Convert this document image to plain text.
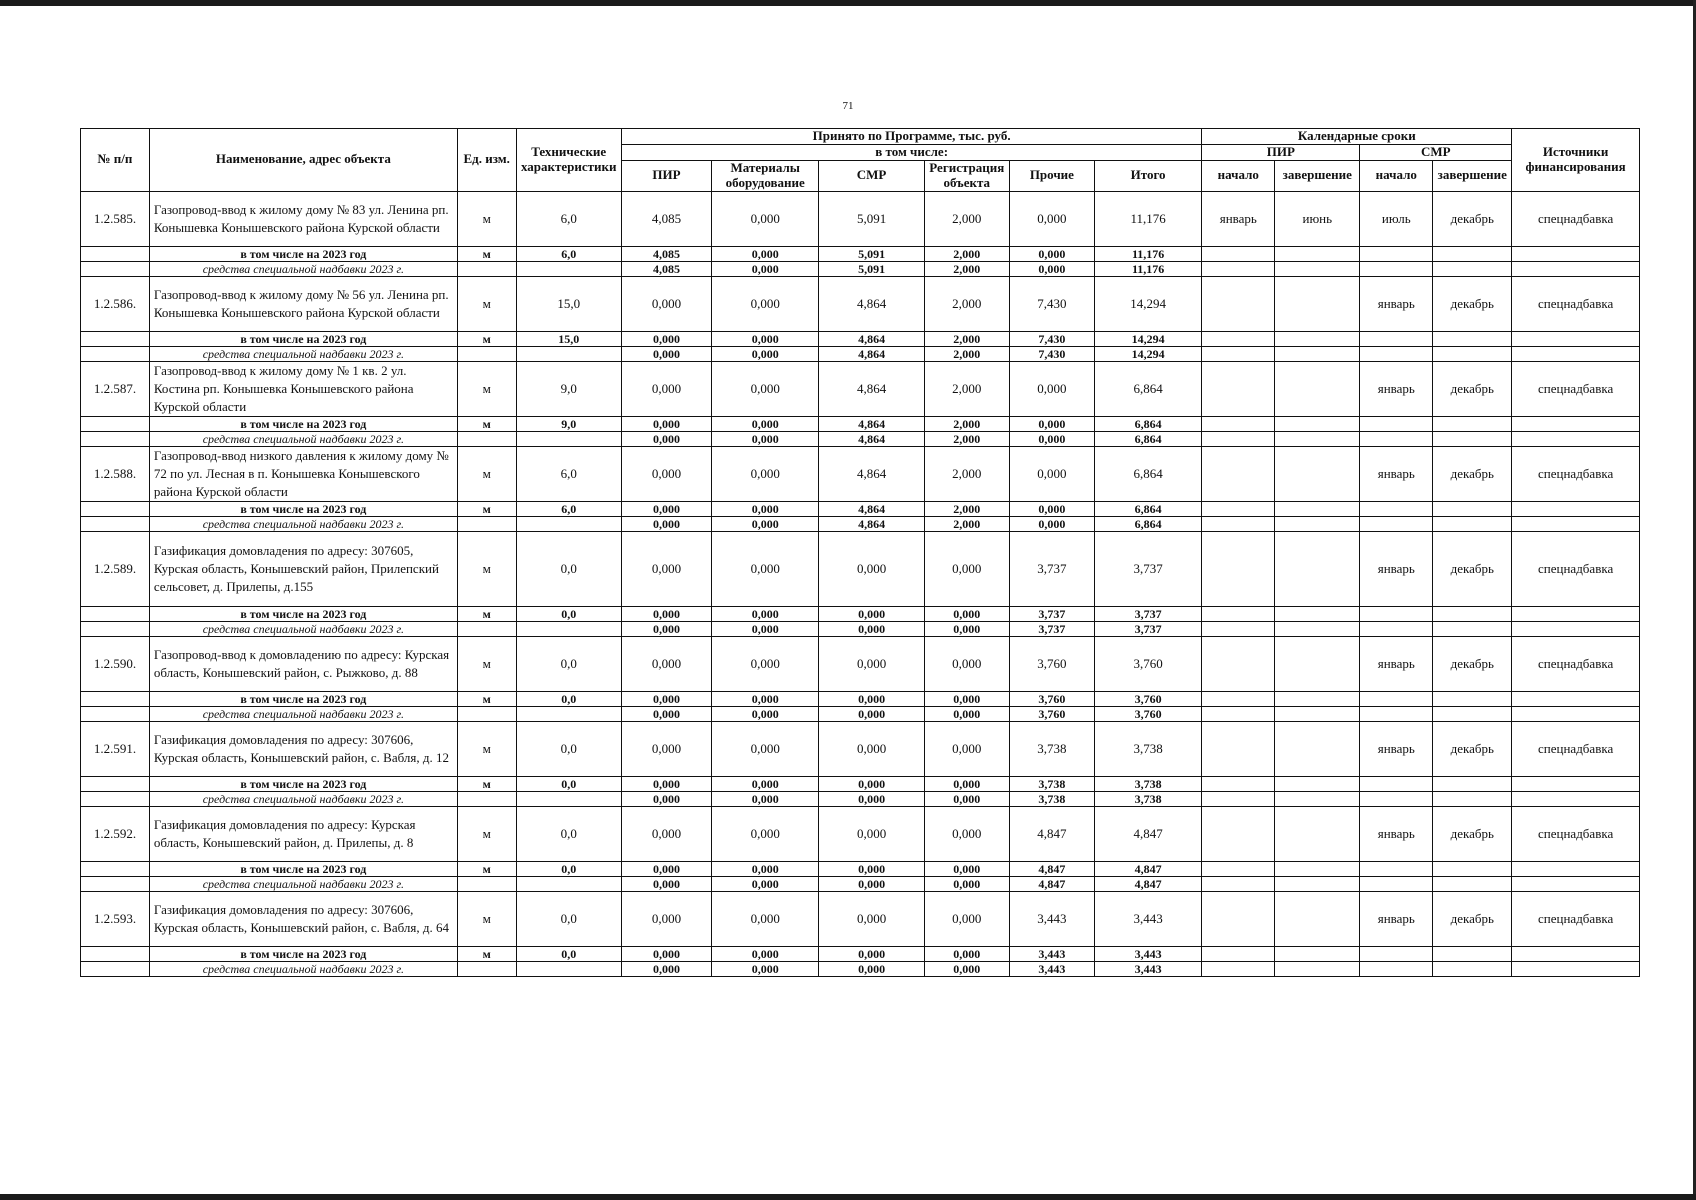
71
№ п/п	Наименование, адрес объекта	Ед. изм.	Технические характеристики	Принято по Программе, тыс. руб.						Календарные сроки				Источники финансирования
				в том числе:						ПИР		СМР		
				ПИР	Материалы оборудование	СМР	Регистрация объекта	Прочие	Итого	начало	завершение	начало	завершение	
1.2.585.	Газопровод-ввод к жилому дому № 83 ул. Ленина рп. Конышевка Конышевского района Курской области	м	6,0	4,085	0,000	5,091	2,000	0,000	11,176	январь	июнь	июль	декабрь	спецнадбавка
	в том числе на 2023 год	м	6,0	4,085	0,000	5,091	2,000	0,000	11,176					
	средства специальной надбавки 2023 г.			4,085	0,000	5,091	2,000	0,000	11,176					
1.2.586.	Газопровод-ввод к жилому дому № 56 ул. Ленина рп. Конышевка Конышевского района Курской области	м	15,0	0,000	0,000	4,864	2,000	7,430	14,294			январь	декабрь	спецнадбавка
	в том числе на 2023 год	м	15,0	0,000	0,000	4,864	2,000	7,430	14,294					
	средства специальной надбавки 2023 г.			0,000	0,000	4,864	2,000	7,430	14,294					
1.2.587.	Газопровод-ввод к жилому дому № 1 кв. 2 ул. Костина рп. Конышевка Конышевского района Курской области	м	9,0	0,000	0,000	4,864	2,000	0,000	6,864			январь	декабрь	спецнадбавка
	в том числе на 2023 год	м	9,0	0,000	0,000	4,864	2,000	0,000	6,864					
	средства специальной надбавки 2023 г.			0,000	0,000	4,864	2,000	0,000	6,864					
1.2.588.	Газопровод-ввод низкого давления к жилому дому № 72 по ул. Лесная в п. Конышевка Конышевского района Курской области	м	6,0	0,000	0,000	4,864	2,000	0,000	6,864			январь	декабрь	спецнадбавка
	в том числе на 2023 год	м	6,0	0,000	0,000	4,864	2,000	0,000	6,864					
	средства специальной надбавки 2023 г.			0,000	0,000	4,864	2,000	0,000	6,864					
1.2.589.	Газификация домовладения по адресу: 307605, Курская область, Конышевский район, Прилепский сельсовет, д. Прилепы, д.155	м	0,0	0,000	0,000	0,000	0,000	3,737	3,737			январь	декабрь	спецнадбавка
	в том числе на 2023 год	м	0,0	0,000	0,000	0,000	0,000	3,737	3,737					
	средства специальной надбавки 2023 г.			0,000	0,000	0,000	0,000	3,737	3,737					
1.2.590.	Газопровод-ввод к домовладению по адресу: Курская область, Конышевский район, с. Рыжково, д. 88	м	0,0	0,000	0,000	0,000	0,000	3,760	3,760			январь	декабрь	спецнадбавка
	в том числе на 2023 год	м	0,0	0,000	0,000	0,000	0,000	3,760	3,760					
	средства специальной надбавки 2023 г.			0,000	0,000	0,000	0,000	3,760	3,760					
1.2.591.	Газификация домовладения по адресу: 307606, Курская область, Конышевский район, с. Вабля, д. 12	м	0,0	0,000	0,000	0,000	0,000	3,738	3,738			январь	декабрь	спецнадбавка
	в том числе на 2023 год	м	0,0	0,000	0,000	0,000	0,000	3,738	3,738					
	средства специальной надбавки 2023 г.			0,000	0,000	0,000	0,000	3,738	3,738					
1.2.592.	Газификация домовладения по адресу: Курская область, Конышевский район, д. Прилепы, д. 8	м	0,0	0,000	0,000	0,000	0,000	4,847	4,847			январь	декабрь	спецнадбавка
	в том числе на 2023 год	м	0,0	0,000	0,000	0,000	0,000	4,847	4,847					
	средства специальной надбавки 2023 г.			0,000	0,000	0,000	0,000	4,847	4,847					
1.2.593.	Газификация домовладения по адресу: 307606, Курская область, Конышевский район, с. Вабля, д. 64	м	0,0	0,000	0,000	0,000	0,000	3,443	3,443			январь	декабрь	спецнадбавка
	в том числе на 2023 год	м	0,0	0,000	0,000	0,000	0,000	3,443	3,443					
	средства специальной надбавки 2023 г.			0,000	0,000	0,000	0,000	3,443	3,443					
